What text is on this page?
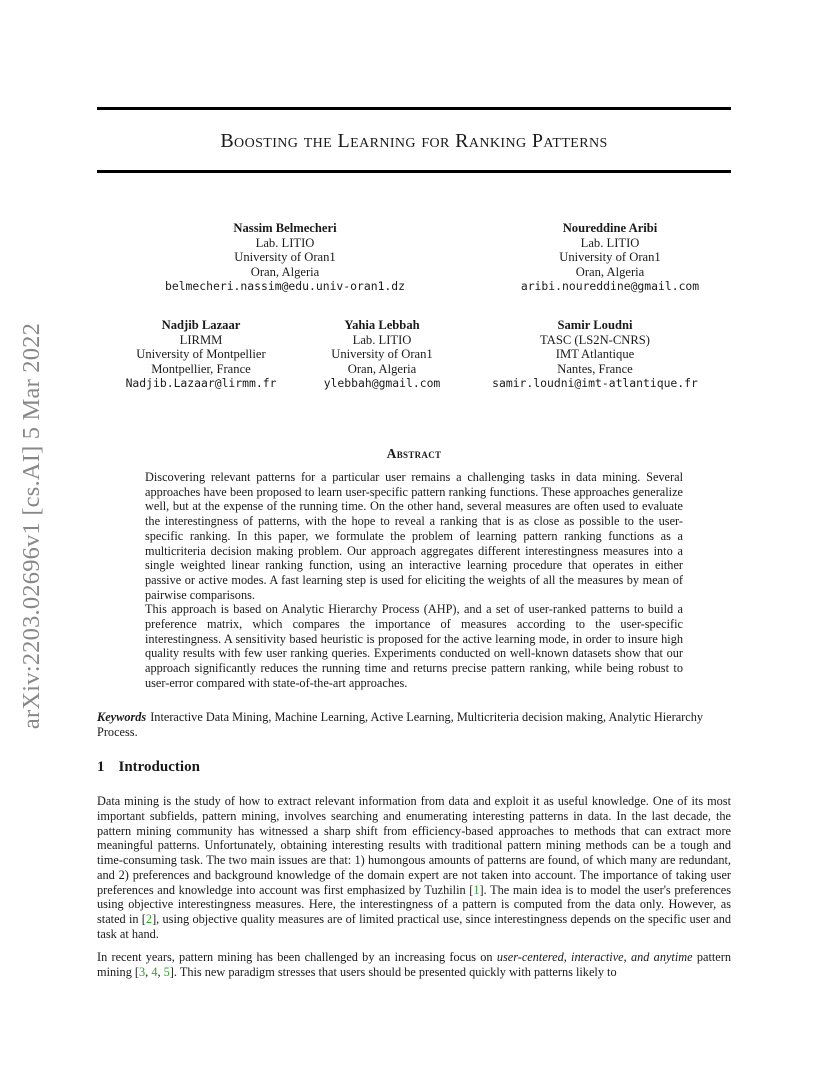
arXiv:2203.02696v1 [cs.AI] 5 Mar 2022
Boosting the Learning for Ranking Patterns
Nassim Belmecheri
Lab. LITIO
University of Oran1
Oran, Algeria
belmecheri.nassim@edu.univ-oran1.dz
Noureddine Aribi
Lab. LITIO
University of Oran1
Oran, Algeria
aribi.noureddine@gmail.com
Nadjib Lazaar
LIRMM
University of Montpellier
Montpellier, France
Nadjib.Lazaar@lirmm.fr
Yahia Lebbah
Lab. LITIO
University of Oran1
Oran, Algeria
ylebbah@gmail.com
Samir Loudni
TASC (LS2N-CNRS)
IMT Atlantique
Nantes, France
samir.loudni@imt-atlantique.fr
Abstract

Discovering relevant patterns for a particular user remains a challenging tasks in data mining. Several approaches have been proposed to learn user-specific pattern ranking functions. These approaches generalize well, but at the expense of the running time. On the other hand, several measures are often used to evaluate the interestingness of patterns, with the hope to reveal a ranking that is as close as possible to the user-specific ranking. In this paper, we formulate the problem of learning pattern ranking functions as a multicriteria decision making problem. Our approach aggregates different interestingness measures into a single weighted linear ranking function, using an interactive learning procedure that operates in either passive or active modes. A fast learning step is used for eliciting the weights of all the measures by mean of pairwise comparisons.

This approach is based on Analytic Hierarchy Process (AHP), and a set of user-ranked patterns to build a preference matrix, which compares the importance of measures according to the user-specific interestingness. A sensitivity based heuristic is proposed for the active learning mode, in order to insure high quality results with few user ranking queries. Experiments conducted on well-known datasets show that our approach significantly reduces the running time and returns precise pattern ranking, while being robust to user-error compared with state-of-the-art approaches.

Keywords Interactive Data Mining, Machine Learning, Active Learning, Multicriteria decision making, Analytic Hierarchy Process.
1 Introduction

Data mining is the study of how to extract relevant information from data and exploit it as useful knowledge. One of its most important subfields, pattern mining, involves searching and enumerating interesting patterns in data. In the last decade, the pattern mining community has witnessed a sharp shift from efficiency-based approaches to methods that can extract more meaningful patterns. Unfortunately, obtaining interesting results with traditional pattern mining methods can be a tough and time-consuming task. The two main issues are that: 1) humongous amounts of patterns are found, of which many are redundant, and 2) preferences and background knowledge of the domain expert are not taken into account. The importance of taking user preferences and knowledge into account was first emphasized by Tuzhilin [1]. The main idea is to model the user's preferences using objective interestingness measures. Here, the interestingness of a pattern is computed from the data only. However, as stated in [2], using objective quality measures are of limited practical use, since interestingness depends on the specific user and task at hand.

In recent years, pattern mining has been challenged by an increasing focus on user-centered, interactive, and anytime pattern mining [3, 4, 5]. This new paradigm stresses that users should be presented quickly with patterns likely to
